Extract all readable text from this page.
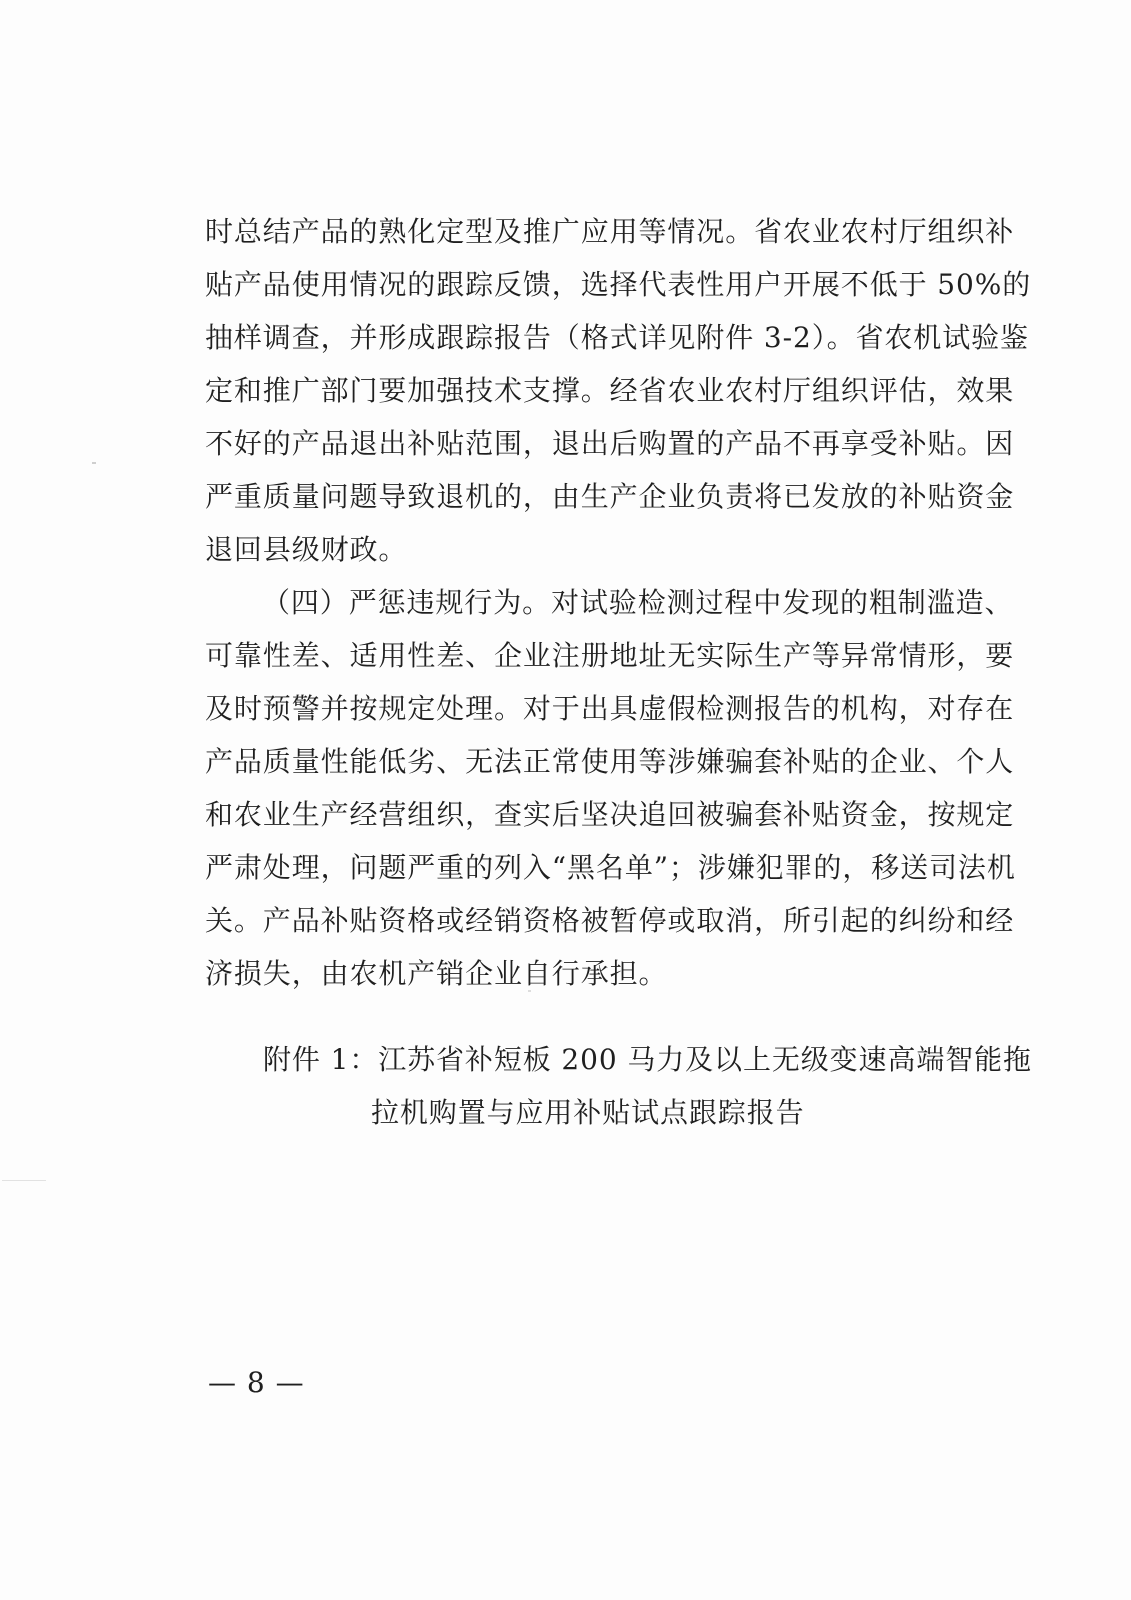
时总结产品的熟化定型及推广应用等情况。省农业农村厅组织补
贴产品使用情况的跟踪反馈，选择代表性用户开展不低于 50%的
抽样调查，并形成跟踪报告（格式详见附件 3-2）。省农机试验鉴
定和推广部门要加强技术支撑。经省农业农村厅组织评估，效果
不好的产品退出补贴范围，退出后购置的产品不再享受补贴。因
严重质量问题导致退机的，由生产企业负责将已发放的补贴资金
退回县级财政。
（四）严惩违规行为。对试验检测过程中发现的粗制滥造、
可靠性差、适用性差、企业注册地址无实际生产等异常情形，要
及时预警并按规定处理。对于出具虚假检测报告的机构，对存在
产品质量性能低劣、无法正常使用等涉嫌骗套补贴的企业、个人
和农业生产经营组织，查实后坚决追回被骗套补贴资金，按规定
严肃处理，问题严重的列入“黑名单”；涉嫌犯罪的，移送司法机
关。产品补贴资格或经销资格被暂停或取消，所引起的纠纷和经
济损失，由农机产销企业自行承担。
附件 1：江苏省补短板 200 马力及以上无级变速高端智能拖
拉机购置与应用补贴试点跟踪报告
— 8 —
